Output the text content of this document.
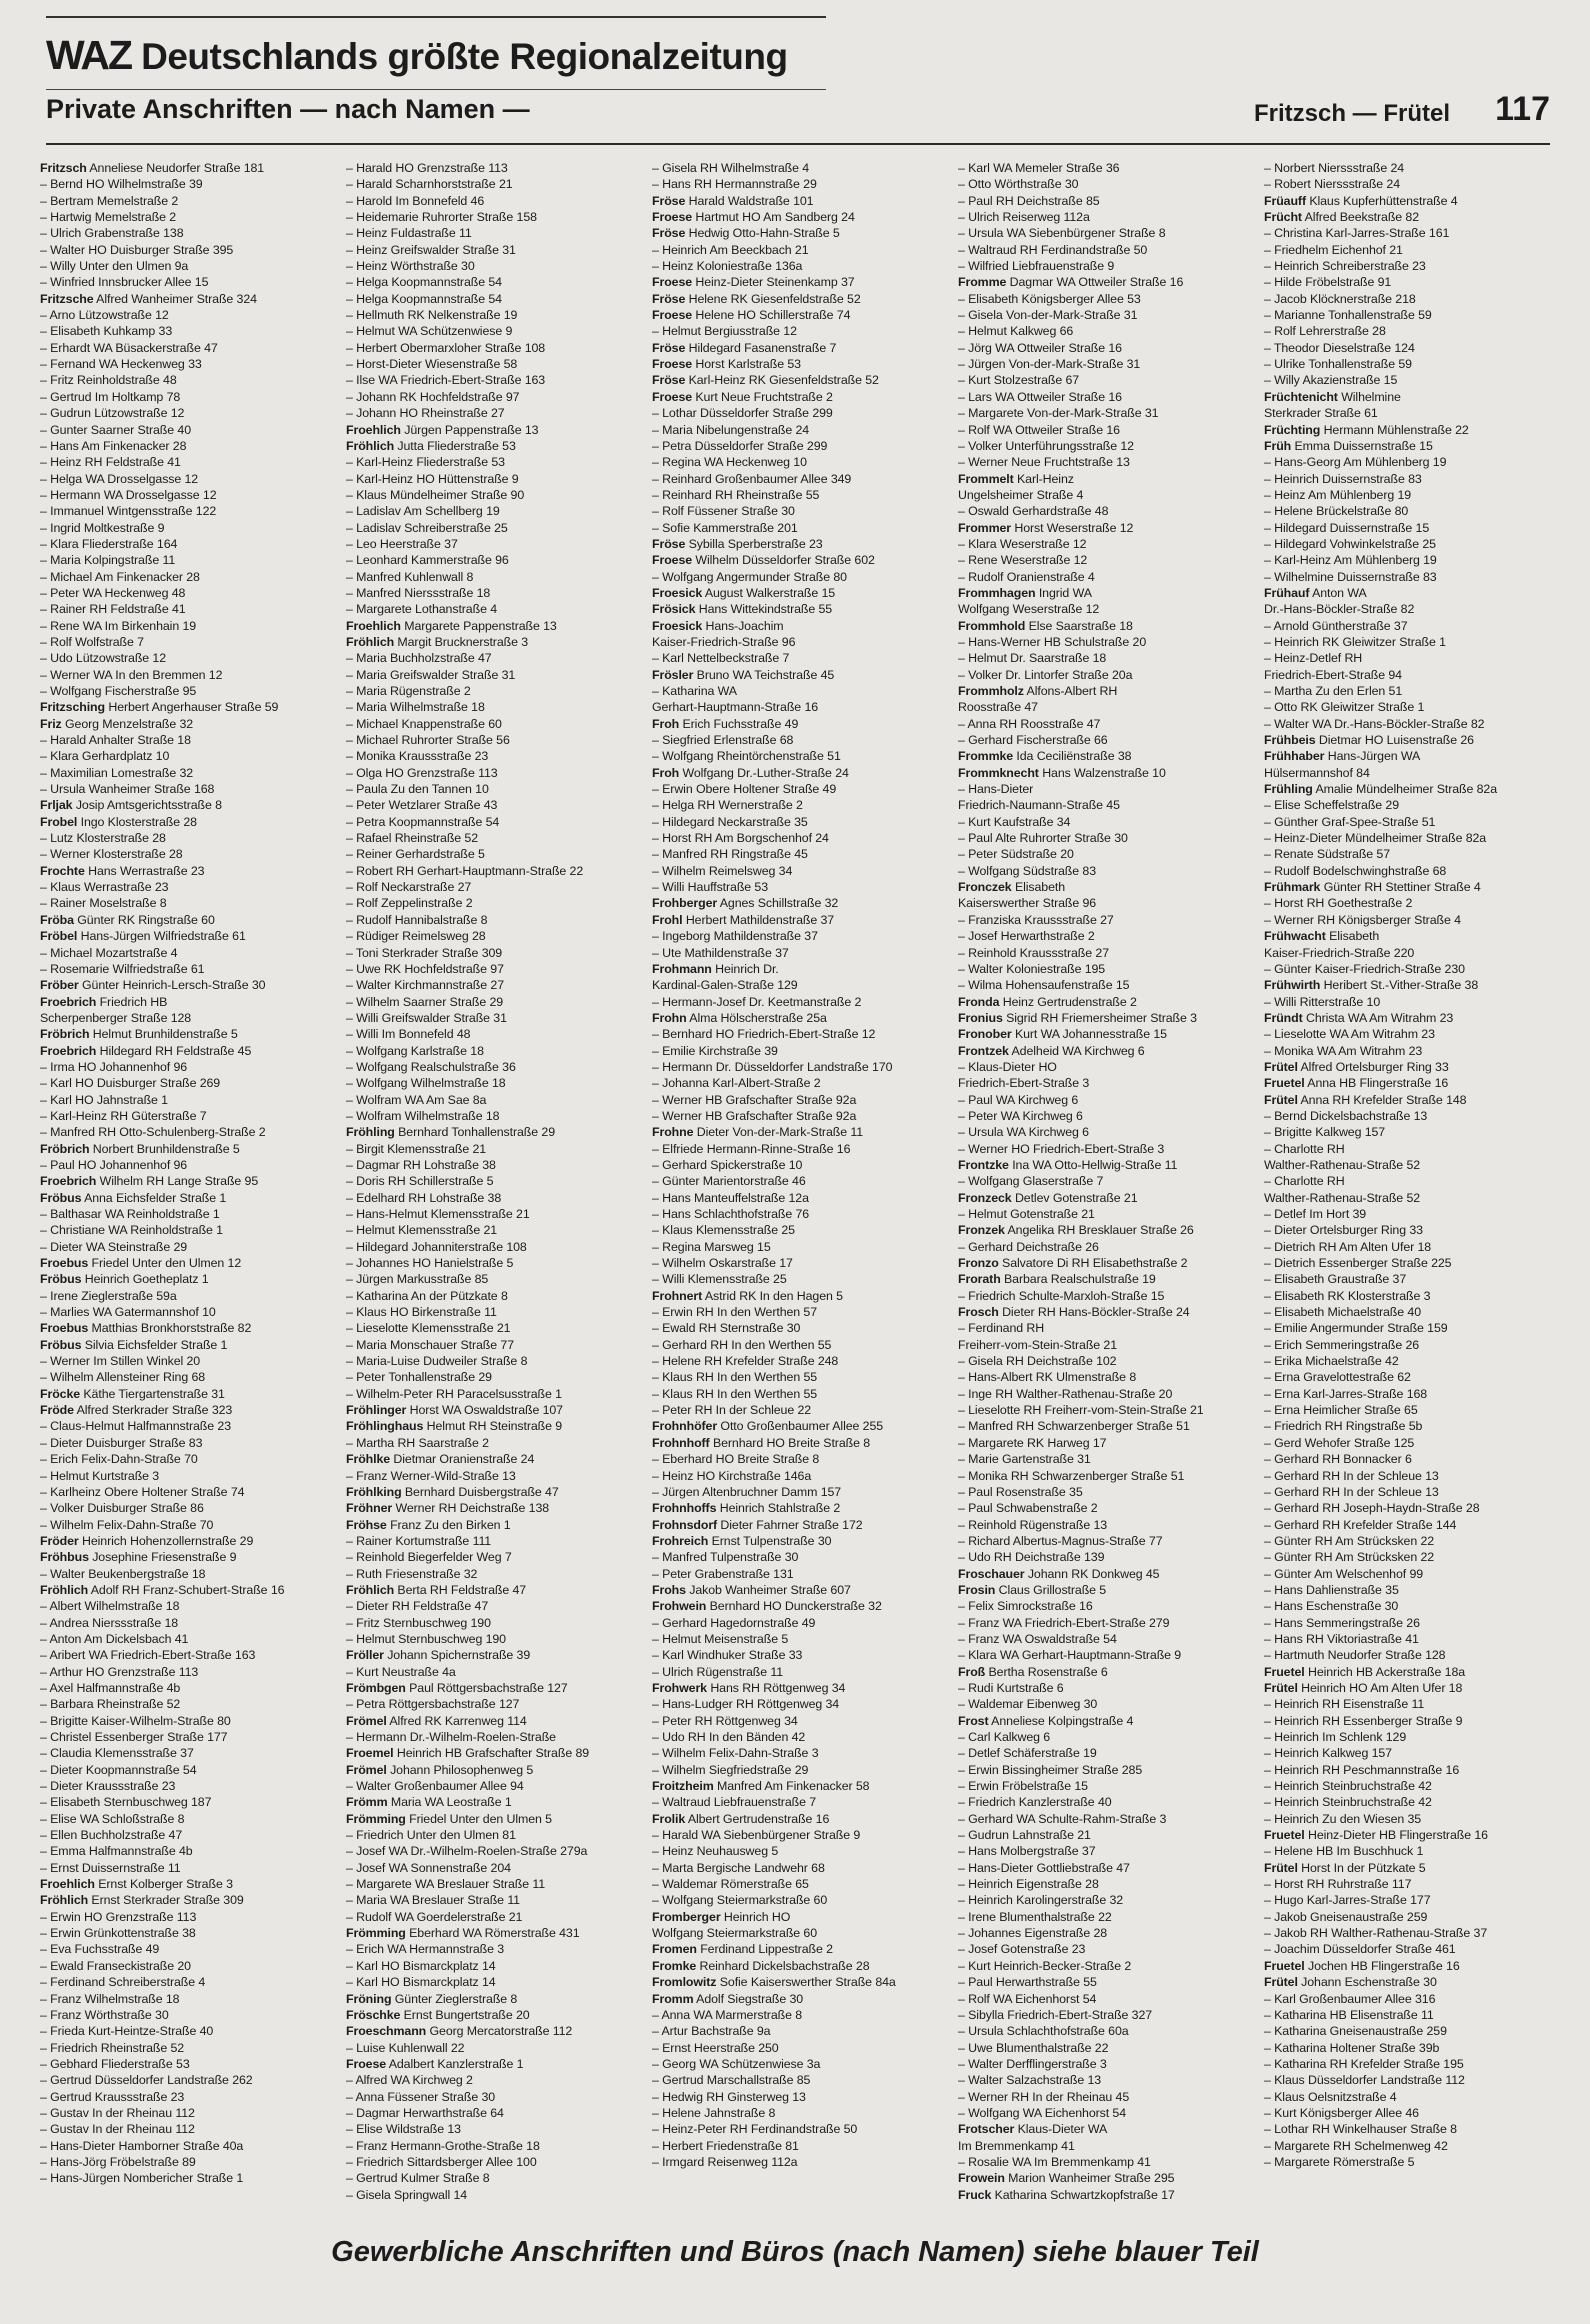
WAZ Deutschlands größte Regionalzeitung
Private Anschriften — nach Namen —	Fritzsch — Frütel 117
Fritzsch Anneliese Neudorfer Straße 181
– Bernd HO Wilhelmstraße 39
– Bertram Memelstraße 2
– Hartwig Memelstraße 2
– Ulrich Grabenstraße 138
– Walter HO Duisburger Straße 395
– Willy Unter den Ulmen 9a
– Winfried Innsbrucker Allee 15
Fritzsche Alfred Wanheimer Straße 324
– Arno Lützowstraße 12
– Elisabeth Kuhkamp 33
– Erhardt WA Büsackerstraße 47
– Fernand WA Heckenweg 33
– Fritz Reinholdstraße 48
– Gertrud Im Holtkamp 78
– Gudrun Lützowstraße 12
– Gunter Saarner Straße 40
– Hans Am Finkenacker 28
– Heinz RH Feldstraße 41
– Helga WA Drosselgasse 12
– Hermann WA Drosselgasse 12
– Immanuel Wintgensstraße 122
– Ingrid Moltkestraße 9
– Klara Fliederstraße 164
– Maria Kolpingstraße 11
– Michael Am Finkenacker 28
– Peter WA Heckenweg 48
– Rainer RH Feldstraße 41
– Rene WA Im Birkenhain 19
– Rolf Wolfstraße 7
– Udo Lützowstraße 12
– Werner WA In den Bremmen 12
– Wolfgang Fischerstraße 95
Fritzsching Herbert Angerhauser Straße 59
Friz Georg Menzelstraße 32
– Harald Anhalter Straße 18
– Klara Gerhardplatz 10
– Maximilian Lomestraße 32
– Ursula Wanheimer Straße 168
Frljak Josip Amtsgerichtsstraße 8
Frobel Ingo Klosterstraße 28
– Lutz Klosterstraße 28
– Werner Klosterstraße 28
Frochte Hans Werrastraße 23
– Klaus Werrastraße 23
– Rainer Moselstraße 8
Fröba Günter RK Ringstraße 60
Fröbel Hans-Jürgen Wilfriedstraße 61
– Michael Mozartstraße 4
– Rosemarie Wilfriedstraße 61
Fröber Günter Heinrich-Lersch-Straße 30
Froebrich Friedrich HB
Scherpenberger Straße 128
Fröbrich Helmut Brunhildenstraße 5
Froebrich Hildegard RH Feldstraße 45
– Irma HO Johannenhof 96
– Karl HO Duisburger Straße 269
– Karl HO Jahnstraße 1
– Karl-Heinz RH Güterstraße 7
– Manfred RH Otto-Schulenberg-Straße 2
Fröbrich Norbert Brunhildenstraße 5
– Paul HO Johannenhof 96
Froebrich Wilhelm RH Lange Straße 95
Fröbus Anna Eichsfelder Straße 1
– Balthasar WA Reinholdstraße 1
– Christiane WA Reinholdstraße 1
– Dieter WA Steinstraße 29
Froebus Friedel Unter den Ulmen 12
Fröbus Heinrich Goetheplatz 1
– Irene Zieglerstraße 59a
– Marlies WA Gatermannshof 10
Froebus Matthias Bronkhorststraße 82
Fröbus Silvia Eichsfelder Straße 1
– Werner Im Stillen Winkel 20
– Wilhelm Allensteiner Ring 68
Fröcke Käthe Tiergartenstraße 31
Fröde Alfred Sterkrader Straße 323
– Claus-Helmut Halfmannstraße 23
– Dieter Duisburger Straße 83
– Erich Felix-Dahn-Straße 70
– Helmut Kurtstraße 3
– Karlheinz Obere Holtener Straße 74
– Volker Duisburger Straße 86
– Wilhelm Felix-Dahn-Straße 70
Fröder Heinrich Hohenzollernstraße 29
Fröhbus Josephine Friesenstraße 9
– Walter Beukenbergstraße 18
Fröhlich Adolf RH Franz-Schubert-Straße 16
– Albert Wilhelmstraße 18
– Andrea Nierssstraße 18
– Anton Am Dickelsbach 41
– Aribert WA Friedrich-Ebert-Straße 163
– Arthur HO Grenzstraße 113
– Axel Halfmannstraße 4b
– Barbara Rheinstraße 52
– Brigitte Kaiser-Wilhelm-Straße 80
– Christel Essenberger Straße 177
– Claudia Klemensstraße 37
– Dieter Koopmannstraße 54
– Dieter Kraussstraße 23
– Elisabeth Sternbuschweg 187
– Elise WA Schloßstraße 8
– Ellen Buchholzstraße 47
– Emma Halfmannstraße 4b
– Ernst Duissernstraße 11
Froehlich Ernst Kolberger Straße 3
Fröhlich Ernst Sterkrader Straße 309
– Erwin HO Grenzstraße 113
– Erwin Grünkottenstraße 38
– Eva Fuchsstraße 49
– Ewald Franseckistraße 20
– Ferdinand Schreiberstraße 4
– Franz Wilhelmstraße 18
– Franz Wörthstraße 30
– Frieda Kurt-Heintze-Straße 40
– Friedrich Rheinstraße 52
– Gebhard Fliederstraße 53
– Gertrud Düsseldorfer Landstraße 262
– Gertrud Kraussstraße 23
– Gustav In der Rheinau 112
– Gustav In der Rheinau 112
– Hans-Dieter Hamborner Straße 40a
– Hans-Jörg Fröbelstraße 89
– Hans-Jürgen Nombericher Straße 1
– Harald HO Grenzstraße 113
– Harald Scharnhorststraße 21
– Harold Im Bonnefeld 46
– Heidemarie Ruhrorter Straße 158
– Heinz Fuldastraße 11
– Heinz Greifswalder Straße 31
– Heinz Wörthstraße 30
– Helga Koopmannstraße 54
– Helga Koopmannstraße 54
– Hellmuth RK Nelkenstraße 19
– Helmut WA Schützenwiese 9
– Herbert Obermarxloher Straße 108
– Horst-Dieter Wiesenstraße 58
– Ilse WA Friedrich-Ebert-Straße 163
– Johann RK Hochfeldstraße 97
– Johann HO Rheinstraße 27
Froehlich Jürgen Pappenstraße 13
Fröhlich Jutta Fliederstraße 53
– Karl-Heinz Fliederstraße 53
– Karl-Heinz HO Hüttenstraße 9
– Klaus Mündelheimer Straße 90
– Ladislav Am Schellberg 19
– Ladislav Schreiberstraße 25
– Leo Heerstraße 37
– Leonhard Kammerstraße 96
– Manfred Kuhlenwall 8
– Manfred Nierssstraße 18
– Margarete Lothanstraße 4
Froehlich Margarete Pappenstraße 13
Fröhlich Margit Brucknerstraße 3
– Maria Buchholzstraße 47
– Maria Greifswalder Straße 31
– Maria Rügenstraße 2
– Maria Wilhelmstraße 18
– Michael Knappenstraße 60
– Michael Ruhrorter Straße 56
– Monika Kraussstraße 23
– Olga HO Grenzstraße 113
– Paula Zu den Tannen 10
– Peter Wetzlarer Straße 43
– Petra Koopmannstraße 54
– Rafael Rheinstraße 52
– Reiner Gerhardstraße 5
– Robert RH Gerhart-Hauptmann-Straße 22
– Rolf Neckarstraße 27
– Rolf Zeppelinstraße 2
– Rudolf Hannibalstraße 8
– Rüdiger Reimelsweg 28
– Toni Sterkrader Straße 309
– Uwe RK Hochfeldstraße 97
– Walter Kirchmannstraße 27
– Wilhelm Saarner Straße 29
– Willi Greifswalder Straße 31
– Willi Im Bonnefeld 48
– Wolfgang Karlstraße 18
– Wolfgang Realschulstraße 36
– Wolfgang Wilhelmstraße 18
– Wolfram WA Am Sae 8a
– Wolfram Wilhelmstraße 18
Fröhling Bernhard Tonhallenstraße 29
– Birgit Klemensstraße 21
– Dagmar RH Lohstraße 38
– Doris RH Schillerstraße 5
– Edelhard RH Lohstraße 38
– Hans-Helmut Klemensstraße 21
– Helmut Klemensstraße 21
– Hildegard Johanniterstraße 108
– Johannes HO Hanielstraße 5
– Jürgen Markusstraße 85
– Katharina An der Pützkate 8
– Klaus HO Birkenstraße 11
– Lieselotte Klemensstraße 21
– Maria Monschauer Straße 77
– Maria-Luise Dudweiler Straße 8
– Peter Tonhallenstraße 29
– Wilhelm-Peter RH Paracelsusstraße 1
Fröhlinger Horst WA Oswaldstraße 107
Fröhlinghaus Helmut RH Steinstraße 9
– Martha RH Saarstraße 2
Fröhlke Dietmar Oranienstraße 24
– Franz Werner-Wild-Straße 13
Fröhlking Bernhard Duisbergstraße 47
Fröhner Werner RH Deichstraße 138
Fröhse Franz Zu den Birken 1
– Rainer Kortumstraße 111
– Reinhold Biegerfelder Weg 7
– Ruth Friesenstraße 32
Fröhlich Berta RH Feldstraße 47
– Dieter RH Feldstraße 47
– Fritz Sternbuschweg 190
– Helmut Sternbuschweg 190
Fröller Johann Spichernstraße 39
– Kurt Neustraße 4a
Frömbgen Paul Röttgersbachstraße 127
– Petra Röttgersbachstraße 127
Frömel Alfred RK Karrenweg 114
– Hermann Dr.-Wilhelm-Roelen-Straße
Froemel Heinrich HB Grafschafter Straße 89
Frömel Johann Philosophenweg 5
– Walter Großenbaumer Allee 94
Frömm Maria WA Leostraße 1
Frömming Friedel Unter den Ulmen 5
– Friedrich Unter den Ulmen 81
– Josef WA Dr.-Wilhelm-Roelen-Straße 279a
– Josef WA Sonnenstraße 204
– Margarete WA Breslauer Straße 11
– Maria WA Breslauer Straße 11
– Rudolf WA Goerdelerstraße 21
Frömming Eberhard WA Römerstraße 431
– Erich WA Hermannstraße 3
– Karl HO Bismarckplatz 14
– Karl HO Bismarckplatz 14
Fröning Günter Zieglerstraße 8
Fröschke Ernst Bungertstraße 20
Froeschmann Georg Mercatorstraße 112
– Luise Kuhlenwall 22
Froese Adalbert Kanzlerstraße 1
– Alfred WA Kirchweg 2
– Anna Füssener Straße 30
– Dagmar Herwarthstraße 64
– Elise Wildstraße 13
– Franz Hermann-Grothe-Straße 18
– Friedrich Sittardsberger Allee 100
– Gertrud Kulmer Straße 8
– Gisela Springwall 14
– Gisela RH Wilhelmstraße 4
– Hans RH Hermannstraße 29
Fröse Harald Waldstraße 101
Froese Hartmut HO Am Sandberg 24
Fröse Hedwig Otto-Hahn-Straße 5
– Heinrich Am Beeckbach 21
– Heinz Koloniestraße 136a
Froese Heinz-Dieter Steinenkamp 37
Fröse Helene RK Giesenfeldstraße 52
Froese Helene HO Schillerstraße 74
– Helmut Bergiusstraße 12
Fröse Hildegard Fasanenstraße 7
Froese Horst Karlstraße 53
Fröse Karl-Heinz RK Giesenfeldstraße 52
Froese Kurt Neue Fruchtstraße 2
– Lothar Düsseldorfer Straße 299
– Maria Nibelungenstraße 24
– Petra Düsseldorfer Straße 299
– Regina WA Heckenweg 10
– Reinhard Großenbaumer Allee 349
– Reinhard RH Rheinstraße 55
– Rolf Füssener Straße 30
– Sofie Kammerstraße 201
Fröse Sybilla Sperberstraße 23
Froese Wilhelm Düsseldorfer Straße 602
– Wolfgang Angermunder Straße 80
Froesick August Walkerstraße 15
Frösick Hans Wittekindstraße 55
Froesick Hans-Joachim
Kaiser-Friedrich-Straße 96
– Karl Nettelbeckstraße 7
Frösler Bruno WA Teichstraße 45
– Katharina WA
Gerhart-Hauptmann-Straße 16
Froh Erich Fuchsstraße 49
– Siegfried Erlenstraße 68
– Wolfgang Rheintörchenstraße 51
Froh Wolfgang Dr.-Luther-Straße 24
– Erwin Obere Holtener Straße 49
– Helga RH Wernerstraße 2
– Hildegard Neckarstraße 35
– Horst RH Am Borgschenhof 24
– Manfred RH Ringstraße 45
– Wilhelm Reimelsweg 34
– Willi Hauffstraße 53
Frohberger Agnes Schillstraße 32
Frohl Herbert Mathildenstraße 37
– Ingeborg Mathildenstraße 37
– Ute Mathildenstraße 37
Frohmann Heinrich Dr.
Kardinal-Galen-Straße 129
– Hermann-Josef Dr. Keetmanstraße 2
Frohn Alma Hölscherstraße 25a
– Bernhard HO Friedrich-Ebert-Straße 12
– Emilie Kirchstraße 39
– Hermann Dr. Düsseldorfer Landstraße 170
– Johanna Karl-Albert-Straße 2
– Werner HB Grafschafter Straße 92a
– Werner HB Grafschafter Straße 92a
Frohne Dieter Von-der-Mark-Straße 11
– Elfriede Hermann-Rinne-Straße 16
– Gerhard Spickerstraße 10
– Günter Marientorstraße 46
– Hans Manteuffelstraße 12a
– Hans Schlachthofstraße 76
– Klaus Klemensstraße 25
– Regina Marsweg 15
– Wilhelm Oskarstraße 17
– Willi Klemensstraße 25
Frohnert Astrid RK In den Hagen 5
– Erwin RH In den Werthen 57
– Ewald RH Sternstraße 30
– Gerhard RH In den Werthen 55
– Helene RH Krefelder Straße 248
– Klaus RH In den Werthen 55
– Klaus RH In den Werthen 55
– Peter RH In der Schleue 22
Frohnhöfer Otto Großenbaumer Allee 255
Frohnhoff Bernhard HO Breite Straße 8
– Eberhard HO Breite Straße 8
– Heinz HO Kirchstraße 146a
– Jürgen Altenbruchner Damm 157
Frohnhoffs Heinrich Stahlstraße 2
Frohnsdorf Dieter Fahrner Straße 172
Frohreich Ernst Tulpenstraße 30
– Manfred Tulpenstraße 30
– Peter Grabenstraße 131
Frohs Jakob Wanheimer Straße 607
Frohwein Bernhard HO Dunckerstraße 32
– Gerhard Hagedornstraße 49
– Helmut Meisenstraße 5
– Karl Windhuker Straße 33
– Ulrich Rügenstraße 11
Frohwerk Hans RH Röttgenweg 34
– Hans-Ludger RH Röttgenweg 34
– Peter RH Röttgenweg 34
– Udo RH In den Bänden 42
– Wilhelm Felix-Dahn-Straße 3
– Wilhelm Siegfriedstraße 29
Froitzheim Manfred Am Finkenacker 58
– Waltraud Liebfrauenstraße 7
Frolik Albert Gertrudenstraße 16
– Harald WA Siebenbürgener Straße 9
– Heinz Neuhausweg 5
– Marta Bergische Landwehr 68
– Waldemar Römerstraße 65
– Wolfgang Steiermarkstraße 60
Fromberger Heinrich HO
Wolfgang Steiermarkstraße 60
Fromen Ferdinand Lippestraße 2
Fromke Reinhard Dickelsbachstraße 28
Fromlowitz Sofie Kaiserswerther Straße 84a
Fromm Adolf Siegstraße 30
– Anna WA Marmerstraße 8
– Artur Bachstraße 9a
– Ernst Heerstraße 250
– Georg WA Schützenwiese 3a
– Gertrud Marschallstraße 85
– Hedwig RH Ginsterweg 13
– Helene Jahnstraße 8
– Heinz-Peter RH Ferdinandstraße 50
– Herbert Friedenstraße 81
– Irmgard Reisenweg 112a
– Karl WA Memeler Straße 36
– Otto Wörthstraße 30
– Paul RH Deichstraße 85
– Ulrich Reiserweg 112a
– Ursula WA Siebenbürgener Straße 8
– Waltraud RH Ferdinandstraße 50
– Wilfried Liebfrauenstraße 9
Fromme Dagmar WA Ottweiler Straße 16
– Elisabeth Königsberger Allee 53
– Gisela Von-der-Mark-Straße 31
– Helmut Kalkweg 66
– Jörg WA Ottweiler Straße 16
– Jürgen Von-der-Mark-Straße 31
– Kurt Stolzestraße 67
– Lars WA Ottweiler Straße 16
– Margarete Von-der-Mark-Straße 31
– Rolf WA Ottweiler Straße 16
– Volker Unterführungsstraße 12
– Werner Neue Fruchtstraße 13
Frommelt Karl-Heinz
Ungelsheimer Straße 4
– Oswald Gerhardstraße 48
Frommer Horst Weserstraße 12
– Klara Weserstraße 12
– Rene Weserstraße 12
– Rudolf Oranienstraße 4
Frommhagen Ingrid WA
Wolfgang Weserstraße 12
Frommhold Else Saarstraße 18
– Hans-Werner HB Schulstraße 20
– Helmut Dr. Saarstraße 18
– Volker Dr. Lintorfer Straße 20a
Frommholz Alfons-Albert RH
Roosstraße 47
– Anna RH Roosstraße 47
– Gerhard Fischerstraße 66
Frommke Ida Ceciliënstraße 38
Frommknecht Hans Walzenstraße 10
– Hans-Dieter
Friedrich-Naumann-Straße 45
– Kurt Kaufstraße 34
– Paul Alte Ruhrorter Straße 30
– Peter Südstraße 20
– Wolfgang Südstraße 83
Fronczek Elisabeth
Kaiserswerther Straße 96
– Franziska Kraussstraße 27
– Josef Herwarthstraße 2
– Reinhold Kraussstraße 27
– Walter Koloniestraße 195
– Wilma Hohensaufenstraße 15
Fronda Heinz Gertrudenstraße 2
Fronius Sigrid RH Friemersheimer Straße 3
Fronober Kurt WA Johannesstraße 15
Frontzek Adelheid WA Kirchweg 6
– Klaus-Dieter HO
Friedrich-Ebert-Straße 3
– Paul WA Kirchweg 6
– Peter WA Kirchweg 6
– Ursula WA Kirchweg 6
– Werner HO Friedrich-Ebert-Straße 3
Frontzke Ina WA Otto-Hellwig-Straße 11
– Wolfgang Glaserstraße 7
Fronzeck Detlev Gotenstraße 21
– Helmut Gotenstraße 21
Fronzek Angelika RH Bresklauer Straße 26
– Gerhard Deichstraße 26
Fronzo Salvatore Di RH Elisabethstraße 2
Frorath Barbara Realschulstraße 19
– Friedrich Schulte-Marxloh-Straße 15
Frosch Dieter RH Hans-Böckler-Straße 24
– Ferdinand RH
Freiherr-vom-Stein-Straße 21
– Gisela RH Deichstraße 102
– Hans-Albert RK Ulmenstraße 8
– Inge RH Walther-Rathenau-Straße 20
– Lieselotte RH Freiherr-vom-Stein-Straße 21
– Manfred RH Schwarzenberger Straße 51
– Margarete RK Harweg 17
– Marie Gartenstraße 31
– Monika RH Schwarzenberger Straße 51
– Paul Rosenstraße 35
– Paul Schwabenstraße 2
– Reinhold Rügenstraße 13
– Richard Albertus-Magnus-Straße 77
– Udo RH Deichstraße 139
Froschauer Johann RK Donkweg 45
Frosin Claus Grillostraße 5
– Felix Simrockstraße 16
– Franz WA Friedrich-Ebert-Straße 279
– Franz WA Oswaldstraße 54
– Klara WA Gerhart-Hauptmann-Straße 9
Froß Bertha Rosenstraße 6
– Rudi Kurtstraße 6
– Waldemar Eibenweg 30
Frost Anneliese Kolpingstraße 4
– Carl Kalkweg 6
– Detlef Schäferstraße 19
– Erwin Bissingheimer Straße 285
– Erwin Fröbelstraße 15
– Friedrich Kanzlerstraße 40
– Gerhard WA Schulte-Rahm-Straße 3
– Gudrun Lahnstraße 21
– Hans Molbergstraße 37
– Hans-Dieter Gottliebstraße 47
– Heinrich Eigenstraße 28
– Heinrich Karolingerstraße 32
– Irene Blumenthalstraße 22
– Johannes Eigenstraße 28
– Josef Gotenstraße 23
– Kurt Heinrich-Becker-Straße 2
– Paul Herwarthstraße 55
– Rolf WA Eichenhorst 54
– Sibylla Friedrich-Ebert-Straße 327
– Ursula Schlachthofstraße 60a
– Uwe Blumenthalstraße 22
– Walter Derfflingerstraße 3
– Walter Salzachstraße 13
– Werner RH In der Rheinau 45
– Wolfgang WA Eichenhorst 54
Frotscher Klaus-Dieter WA
Im Bremmenkamp 41
– Rosalie WA Im Bremmenkamp 41
Frowein Marion Wanheimer Straße 295
Fruck Katharina Schwartzkopfstraße 17
– Norbert Nierssstraße 24
– Robert Nierssstraße 24
Früauff Klaus Kupferhüttenstraße 4
Frücht Alfred Beekstraße 82
– Christina Karl-Jarres-Straße 161
– Friedhelm Eichenhof 21
– Heinrich Schreiberstraße 23
– Hilde Fröbelstraße 91
– Jacob Klöcknerstraße 218
– Marianne Tonhallenstraße 59
– Rolf Lehrerstraße 28
– Theodor Dieselstraße 124
– Ulrike Tonhallenstraße 59
– Willy Akazienstraße 15
Früchtenicht Wilhelmine
Sterkrader Straße 61
Früchting Hermann Mühlenstraße 22
Früh Emma Duissernstraße 15
– Hans-Georg Am Mühlenberg 19
– Heinrich Duissernstraße 83
– Heinz Am Mühlenberg 19
– Helene Brückelstraße 80
– Hildegard Duissernstraße 15
– Hildegard Vohwinkelstraße 25
– Karl-Heinz Am Mühlenberg 19
– Wilhelmine Duissernstraße 83
Frühauf Anton WA
Dr.-Hans-Böckler-Straße 82
– Arnold Güntherstraße 37
– Heinrich RK Gleiwitzer Straße 1
– Heinz-Detlef RH
Friedrich-Ebert-Straße 94
– Martha Zu den Erlen 51
– Otto RK Gleiwitzer Straße 1
– Walter WA Dr.-Hans-Böckler-Straße 82
Frühbeis Dietmar HO Luisenstraße 26
Frühhaber Hans-Jürgen WA
Hülsermannshof 84
Frühling Amalie Mündelheimer Straße 82a
– Elise Scheffelstraße 29
– Günther Graf-Spee-Straße 51
– Heinz-Dieter Mündelheimer Straße 82a
– Renate Südstraße 57
– Rudolf Bodelschwinghstraße 68
Frühmark Günter RH Stettiner Straße 4
– Horst RH Goethestraße 2
– Werner RH Königsberger Straße 4
Frühwacht Elisabeth
Kaiser-Friedrich-Straße 220
– Günter Kaiser-Friedrich-Straße 230
Frühwirth Heribert St.-Vither-Straße 38
– Willi Ritterstraße 10
Fründt Christa WA Am Witrahm 23
– Lieselotte WA Am Witrahm 23
– Monika WA Am Witrahm 23
Frütel Alfred Ortelsburger Ring 33
Fruetel Anna HB Flingerstraße 16
Frütel Anna RH Krefelder Straße 148
– Bernd Dickelsbachstraße 13
– Brigitte Kalkweg 157
– Charlotte RH
Walther-Rathenau-Straße 52
– Charlotte RH
Walther-Rathenau-Straße 52
– Detlef Im Hort 39
– Dieter Ortelsburger Ring 33
– Dietrich RH Am Alten Ufer 18
– Dietrich Essenberger Straße 225
– Elisabeth Graustraße 37
– Elisabeth RK Klosterstraße 3
– Elisabeth Michaelstraße 40
– Emilie Angermunder Straße 159
– Erich Semmeringstraße 26
– Erika Michaelstraße 42
– Erna Gravelottestraße 62
– Erna Karl-Jarres-Straße 168
– Erna Heimlicher Straße 65
– Friedrich RH Ringstraße 5b
– Gerd Wehofer Straße 125
– Gerhard RH Bonnacker 6
– Gerhard RH In der Schleue 13
– Gerhard RH In der Schleue 13
– Gerhard RH Joseph-Haydn-Straße 28
– Gerhard RH Krefelder Straße 144
– Günter RH Am Strücksken 22
– Günter RH Am Strücksken 22
– Günter Am Welschenhof 99
– Hans Dahlienstraße 35
– Hans Eschenstraße 30
– Hans Semmeringstraße 26
– Hans RH Viktoriastraße 41
– Hartmuth Neudorfer Straße 128
Fruetel Heinrich HB Ackerstraße 18a
Frütel Heinrich HO Am Alten Ufer 18
– Heinrich RH Eisenstraße 11
– Heinrich RH Essenberger Straße 9
– Heinrich Im Schlenk 129
– Heinrich Kalkweg 157
– Heinrich RH Peschmannstraße 16
– Heinrich Steinbruchstraße 42
– Heinrich Steinbruchstraße 42
– Heinrich Zu den Wiesen 35
Fruetel Heinz-Dieter HB Flingerstraße 16
– Helene HB Im Buschhuck 1
Frütel Horst In der Pützkate 5
– Horst RH Ruhrstraße 117
– Hugo Karl-Jarres-Straße 177
– Jakob Gneisenaustraße 259
– Jakob RH Walther-Rathenau-Straße 37
– Joachim Düsseldorfer Straße 461
Fruetel Jochen HB Flingerstraße 16
Frütel Johann Eschenstraße 30
– Karl Großenbaumer Allee 316
– Katharina HB Elisenstraße 11
– Katharina Gneisenaustraße 259
– Katharina Holtener Straße 39b
– Katharina RH Krefelder Straße 195
– Klaus Düsseldorfer Landstraße 112
– Klaus Oelsnitzstraße 4
– Kurt Königsberger Allee 46
– Lothar RH Winkelhauser Straße 8
– Margarete RH Schelmenweg 42
– Margarete Römerstraße 5
Gewerbliche Anschriften und Büros (nach Namen) siehe blauer Teil
